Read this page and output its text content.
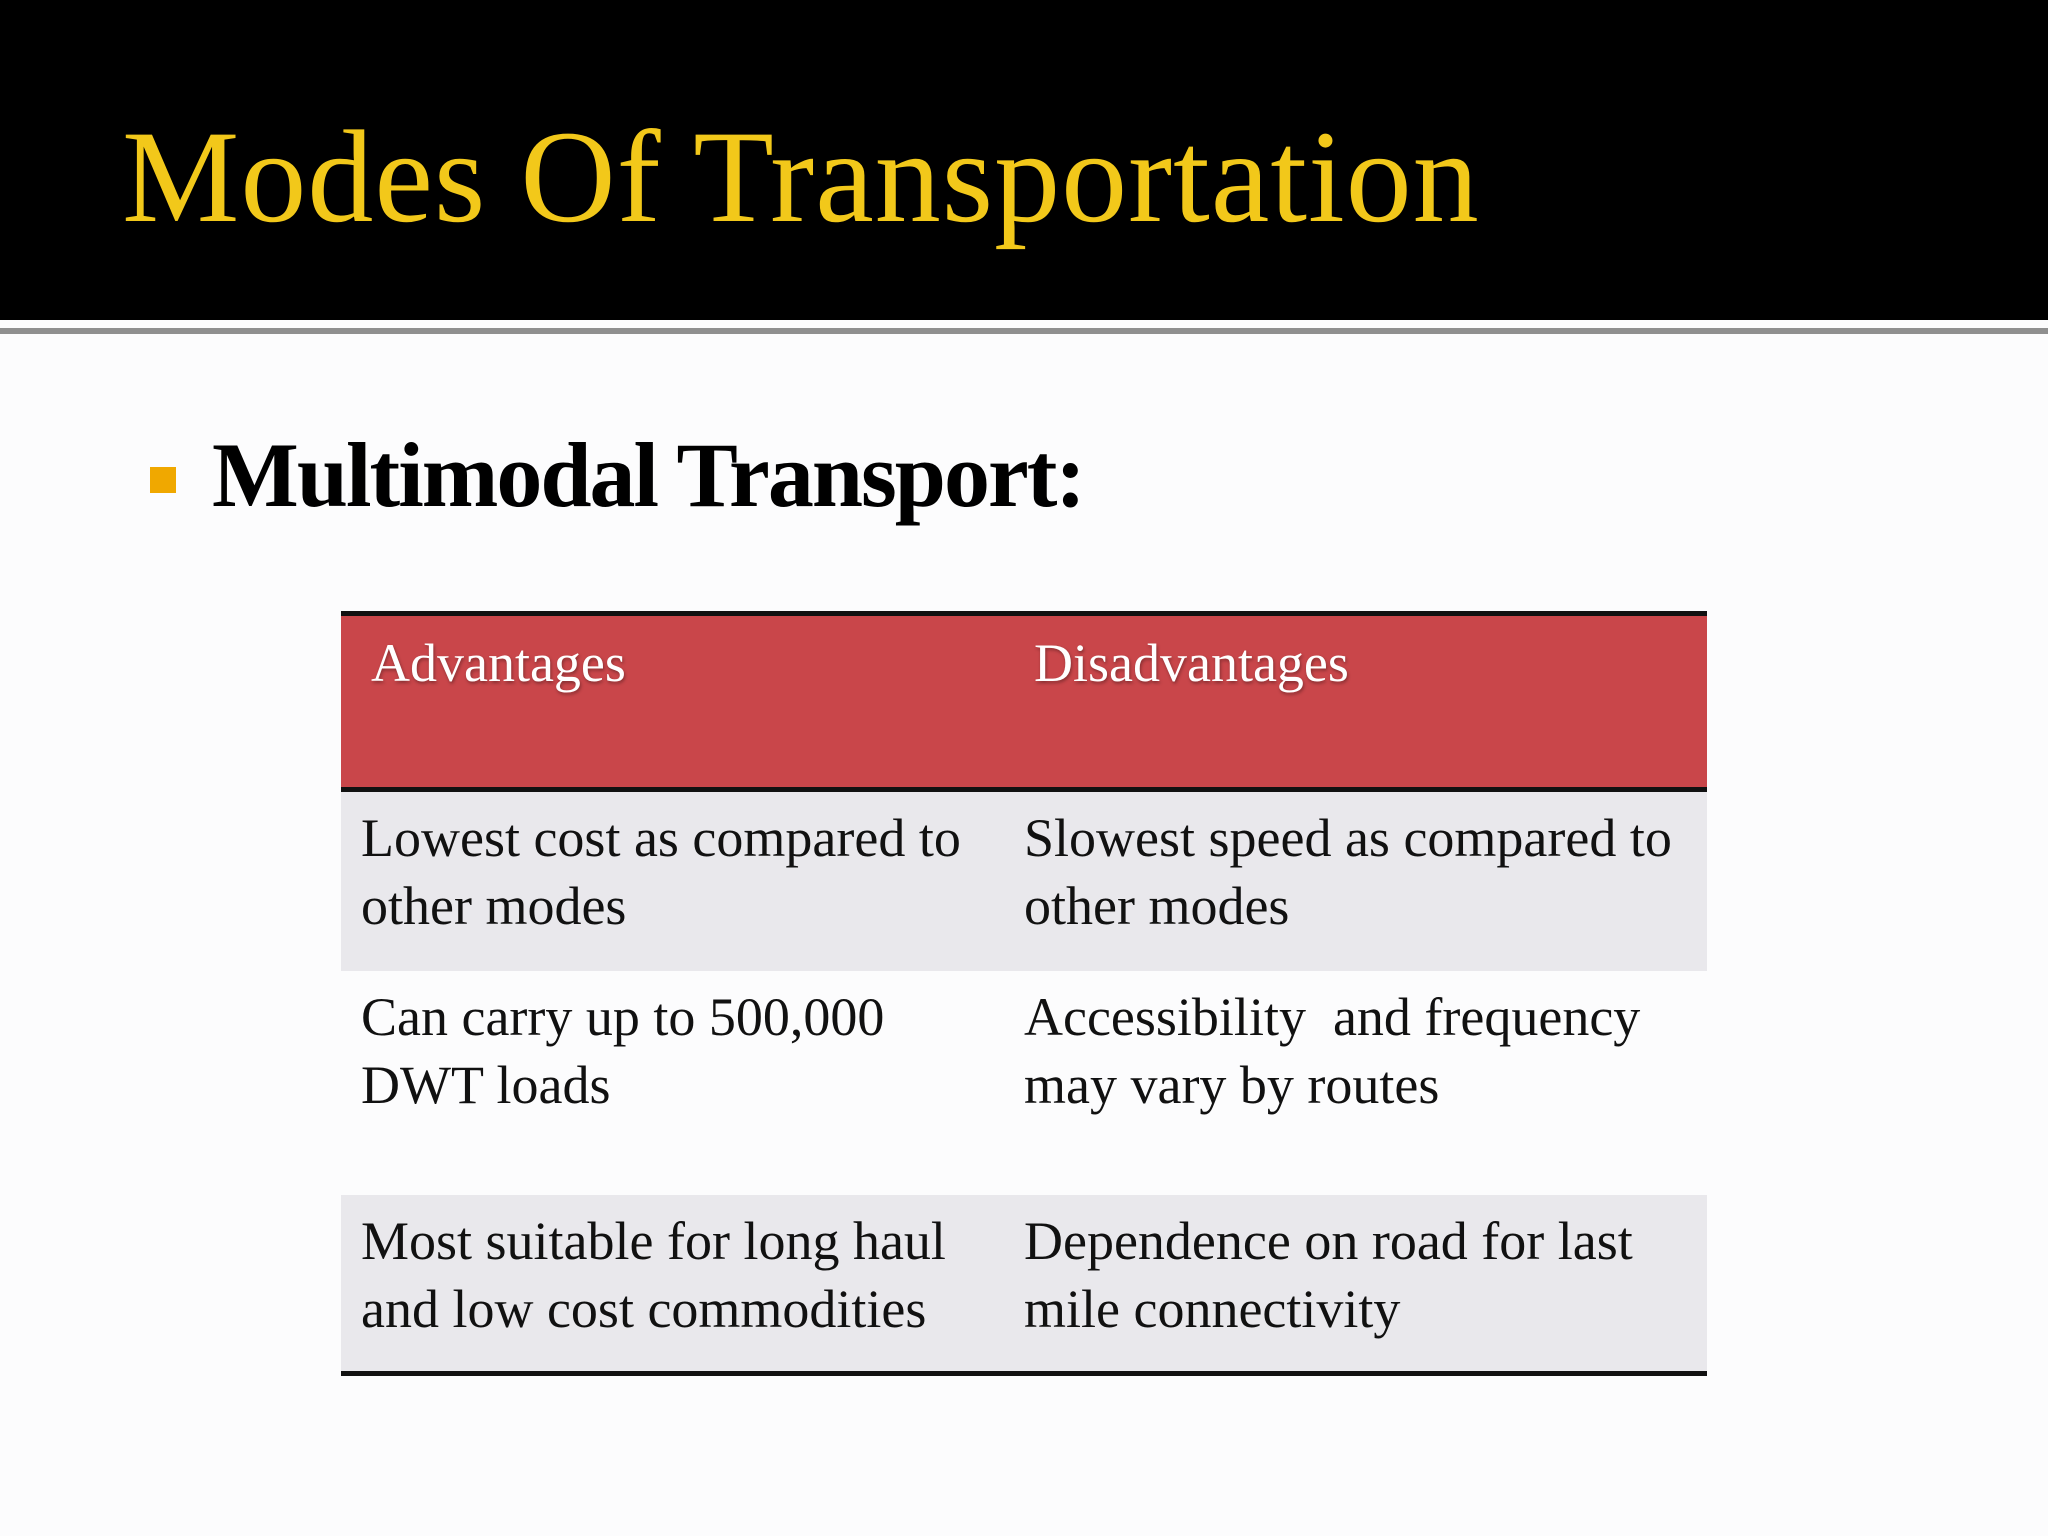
Modes Of Transportation
Multimodal Transport:
Advantages	Disadvantages
Lowest cost as compared to other modes	Slowest speed as compared to other modes
Can carry up to 500,000 DWT loads	Accessibility  and frequency may vary by routes
Most suitable for long haul and low cost commodities	Dependence on road for last mile connectivity
